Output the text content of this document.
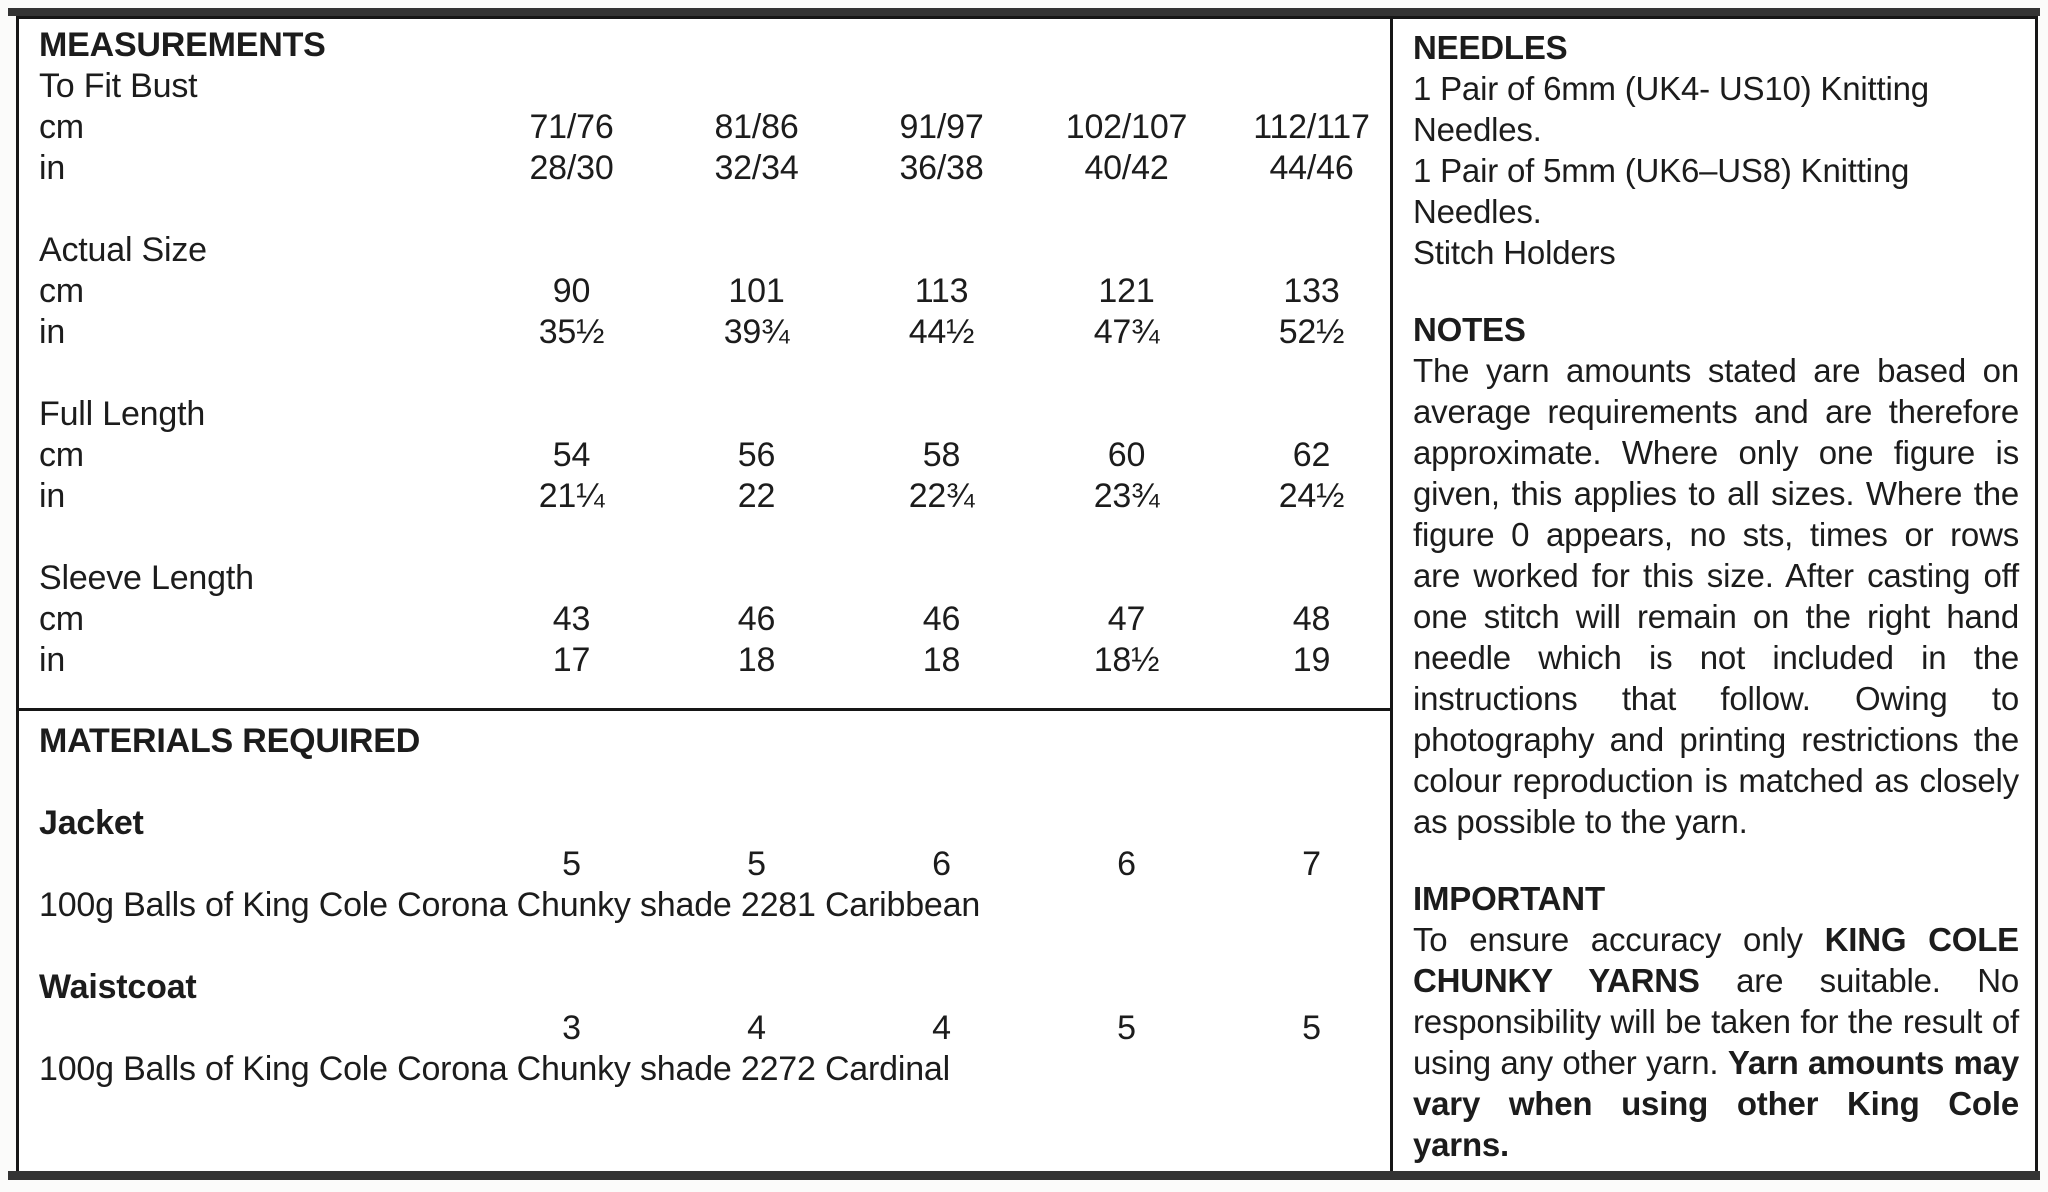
MEASUREMENTS
To Fit Bust
cm	71/76	81/86	91/97	102/107	112/117
in	28/30	32/34	36/38	40/42	44/46
Actual Size
cm	90	101	113	121	133
in	35½	39¾	44½	47¾	52½
Full Length
cm	54	56	58	60	62
in	21¼	22	22¾	23¾	24½
Sleeve Length
cm	43	46	46	47	48
in	17	18	18	18½	19
MATERIALS REQUIRED
Jacket
5	5	6	6	7
100g Balls of King Cole Corona Chunky shade 2281 Caribbean
Waistcoat
3	4	4	5	5
100g Balls of King Cole Corona Chunky shade 2272 Cardinal
NEEDLES
1 Pair of 6mm (UK4- US10) Knitting Needles.
1 Pair of 5mm (UK6–US8) Knitting Needles.
Stitch Holders
NOTES

The yarn amounts stated are based on average requirements and are therefore approximate. Where only one figure is given, this applies to all sizes. Where the figure 0 appears, no sts, times or rows are worked for this size. After casting off one stitch will remain on the right hand needle which is not included in the instructions that follow. Owing to photography and printing restrictions the colour reproduction is matched as closely as possible to the yarn.

IMPORTANT

To ensure accuracy only KING COLE CHUNKY YARNS are suitable. No responsibility will be taken for the result of using any other yarn. Yarn amounts may vary when using other King Cole yarns.
